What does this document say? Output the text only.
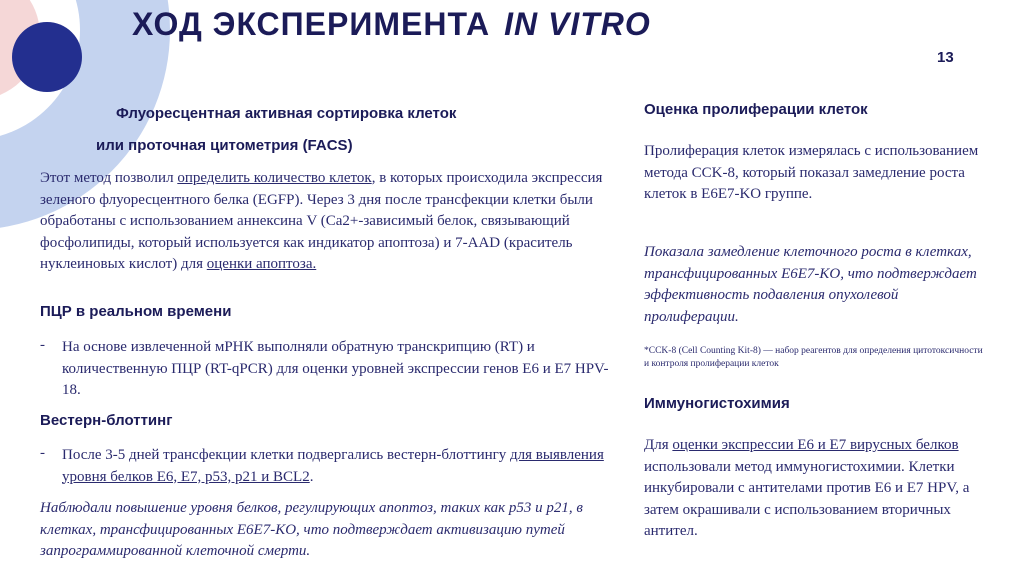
ХОД ЭКСПЕРИМЕНТА IN VITRO
13
Флуоресцентная активная сортировка клеток
или проточная цитометрия (FACS)
Этот метод позволил определить количество клеток, в которых происходила экспрессия зеленого флуоресцентного белка (EGFP). Через 3 дня после трансфекции клетки были обработаны с использованием аннексина V (Ca2+-зависимый белок, связывающий фосфолипиды, который используется как индикатор апоптоза) и 7-AAD (краситель нуклеиновых кислот) для оценки апоптоза.
ПЦР в реальном времени
- На основе извлеченной мРНК выполняли обратную транскрипцию (RT) и количественную ПЦР (RT-qPCR) для оценки уровней экспрессии генов E6 и E7 HPV-18.
Вестерн-блоттинг
- После 3-5 дней трансфекции клетки подвергались вестерн-блоттингу для выявления уровня белков E6, E7, p53, p21 и BCL2.
Наблюдали повышение уровня белков, регулирующих апоптоз, таких как p53 и p21, в клетках, трансфицированных E6E7-KO, что подтверждает активизацию путей запрограммированной клеточной смерти.
Оценка пролиферации клеток
Пролиферация клеток измерялась с использованием метода CCK-8, который показал замедление роста клеток в E6E7-KO группе.
Показала замедление клеточного роста в клетках, трансфицированных E6E7-KO, что подтверждает эффективность подавления опухолевой пролиферации.
*CCK-8 (Cell Counting Kit-8) — набор реагентов для определения цитотоксичности и контроля пролиферации клеток
Иммуногистохимия
Для оценки экспрессии E6 и E7 вирусных белков использовали метод иммуногистохимии. Клетки инкубировали с антителами против E6 и E7 HPV, а затем окрашивали с использованием вторичных антител.
